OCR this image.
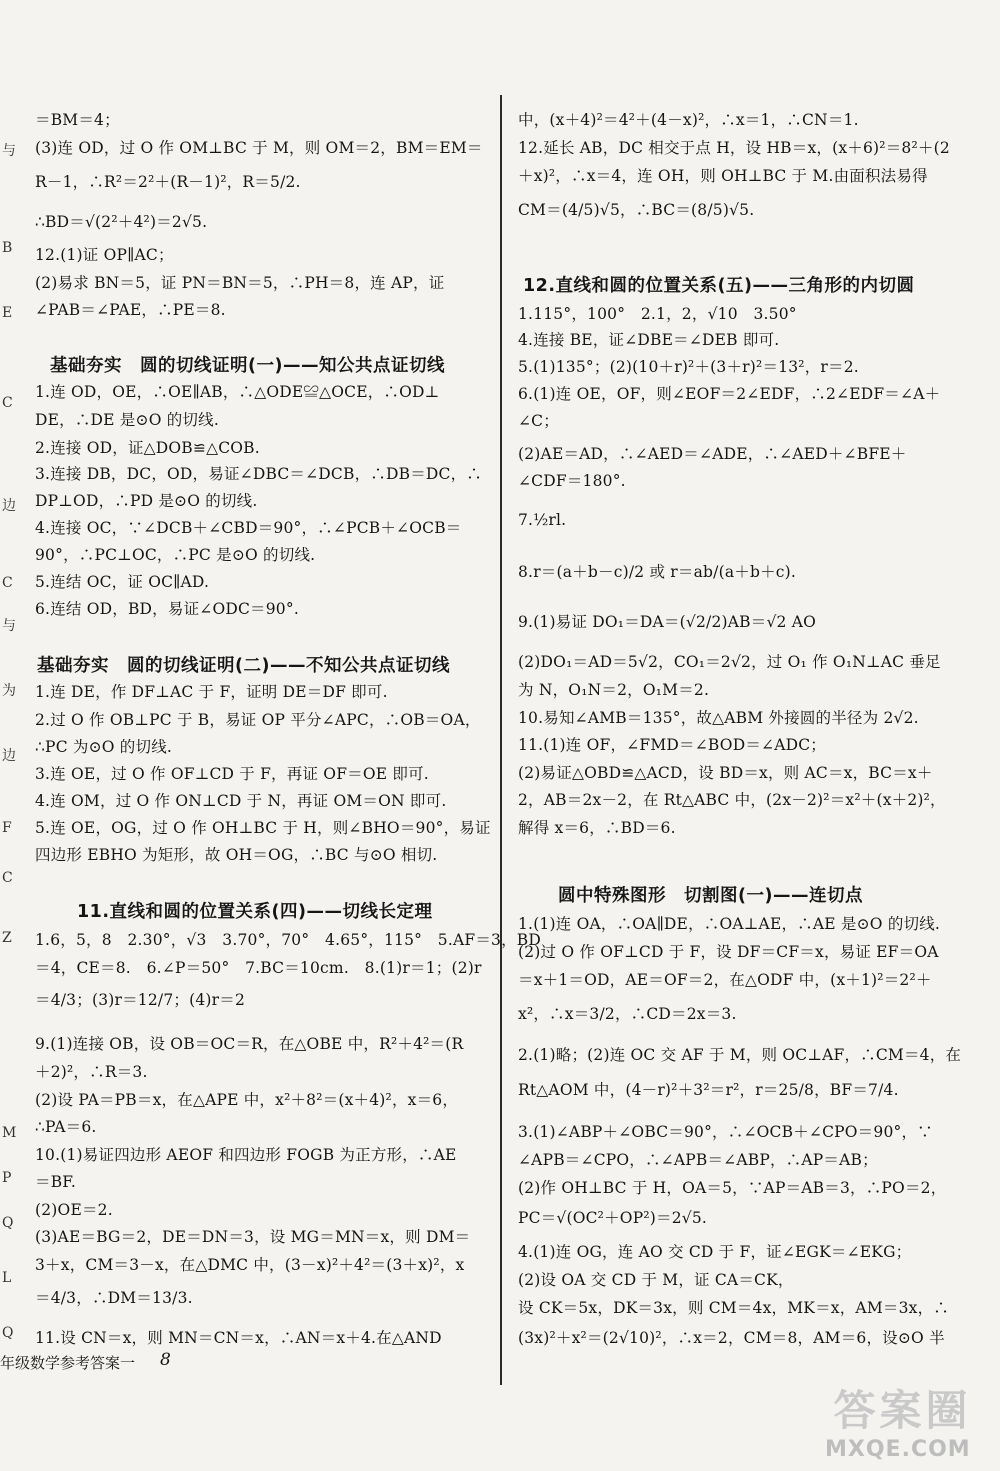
与
B
E
C
边
C
与
为
边
F
C
Z
M
P
Q
L
Q
＝BM＝4；
(3)连 OD，过 O 作 OM⊥BC 于 M，则 OM＝2，BM＝EM＝
R－1，∴R²＝2²＋(R－1)²，R＝5/2.
∴BD＝√(2²＋4²)＝2√5.
12.(1)证 OP∥AC；
(2)易求 BN＝5，证 PN＝BN＝5，∴PH＝8，连 AP，证
∠PAB＝∠PAE，∴PE＝8.
基础夯实　圆的切线证明(一)——知公共点证切线
1.连 OD，OE，∴OE∥AB，∴△ODE≌△OCE，∴OD⊥
DE，∴DE 是⊙O 的切线.
2.连接 OD，证△DOB≌△COB.
3.连接 DB，DC，OD，易证∠DBC＝∠DCB，∴DB＝DC，∴
DP⊥OD，∴PD 是⊙O 的切线.
4.连接 OC，∵∠DCB＋∠CBD＝90°，∴∠PCB＋∠OCB＝
90°，∴PC⊥OC，∴PC 是⊙O 的切线.
5.连结 OC，证 OC∥AD.
6.连结 OD，BD，易证∠ODC＝90°.
基础夯实　圆的切线证明(二)——不知公共点证切线
1.连 DE，作 DF⊥AC 于 F，证明 DE＝DF 即可.
2.过 O 作 OB⊥PC 于 B，易证 OP 平分∠APC，∴OB＝OA，
∴PC 为⊙O 的切线.
3.连 OE，过 O 作 OF⊥CD 于 F，再证 OF＝OE 即可.
4.连 OM，过 O 作 ON⊥CD 于 N，再证 OM＝ON 即可.
5.连 OE，OG，过 O 作 OH⊥BC 于 H，则∠BHO＝90°，易证
四边形 EBHO 为矩形，故 OH＝OG，∴BC 与⊙O 相切.
11.直线和圆的位置关系(四)——切线长定理
1.6，5，8　2.30°，√3　3.70°，70°　4.65°，115°　5.AF＝3，BD
＝4，CE＝8.　6.∠P＝50°　7.BC＝10cm.　8.(1)r＝1；(2)r
＝4/3；(3)r＝12/7；(4)r＝2
9.(1)连接 OB，设 OB＝OC＝R，在△OBE 中，R²＋4²＝(R
＋2)²，∴R＝3.
(2)设 PA＝PB＝x，在△APE 中，x²＋8²＝(x＋4)²，x＝6，
∴PA＝6.
10.(1)易证四边形 AEOF 和四边形 FOGB 为正方形，∴AE
＝BF.
(2)OE＝2.
(3)AE＝BG＝2，DE＝DN＝3，设 MG＝MN＝x，则 DM＝
3＋x，CM＝3－x，在△DMC 中，(3－x)²＋4²＝(3＋x)²，x
＝4/3，∴DM＝13/3.
11.设 CN＝x，则 MN＝CN＝x，∴AN＝x＋4.在△AND
中，(x＋4)²＝4²＋(4－x)²，∴x＝1，∴CN＝1.
12.延长 AB，DC 相交于点 H，设 HB＝x，(x＋6)²＝8²＋(2
＋x)²，∴x＝4，连 OH，则 OH⊥BC 于 M.由面积法易得
CM＝(4/5)√5，∴BC＝(8/5)√5.
12.直线和圆的位置关系(五)——三角形的内切圆
1.115°，100°　2.1，2，√10　3.50°
4.连接 BE，证∠DBE＝∠DEB 即可.
5.(1)135°；(2)(10＋r)²＋(3＋r)²＝13²，r＝2.
6.(1)连 OE，OF，则∠EOF＝2∠EDF，∴2∠EDF＝∠A＋
∠C；
(2)AE＝AD，∴∠AED＝∠ADE，∴∠AED＋∠BFE＋
∠CDF＝180°.
7.½rl.
8.r＝(a＋b－c)/2 或 r＝ab/(a＋b＋c).
9.(1)易证 DO₁＝DA＝(√2/2)AB＝√2 AO
(2)DO₁＝AD＝5√2，CO₁＝2√2，过 O₁ 作 O₁N⊥AC 垂足
为 N，O₁N＝2，O₁M＝2.
10.易知∠AMB＝135°，故△ABM 外接圆的半径为 2√2.
11.(1)连 OF，∠FMD＝∠BOD＝∠ADC；
(2)易证△OBD≌△ACD，设 BD＝x，则 AC＝x，BC＝x＋
2，AB＝2x－2，在 Rt△ABC 中，(2x－2)²＝x²＋(x＋2)²，
解得 x＝6，∴BD＝6.
圆中特殊图形　切割图(一)——连切点
1.(1)连 OA，∴OA∥DE，∴OA⊥AE，∴AE 是⊙O 的切线.
(2)过 O 作 OF⊥CD 于 F，设 DF＝CF＝x，易证 EF＝OA
＝x＋1＝OD，AE＝OF＝2，在△ODF 中，(x＋1)²＝2²＋
x²，∴x＝3/2，∴CD＝2x＝3.
2.(1)略；(2)连 OC 交 AF 于 M，则 OC⊥AF，∴CM＝4，在
Rt△AOM 中，(4－r)²＋3²＝r²，r＝25/8，BF＝7/4.
3.(1)∠ABP＋∠OBC＝90°，∴∠OCB＋∠CPO＝90°，∵
∠APB＝∠CPO，∴∠APB＝∠ABP，∴AP＝AB；
(2)作 OH⊥BC 于 H，OA＝5，∵AP＝AB＝3，∴PO＝2，
PC＝√(OC²＋OP²)＝2√5.
4.(1)连 OG，连 AO 交 CD 于 F，证∠EGK＝∠EKG；
(2)设 OA 交 CD 于 M，证 CA＝CK，
设 CK＝5x，DK＝3x，则 CM＝4x，MK＝x，AM＝3x，∴
(3x)²＋x²＝(2√10)²，∴x＝2，CM＝8，AM＝6，设⊙O 半
年级数学参考答案一 8
答案圈
MXQE.COM
